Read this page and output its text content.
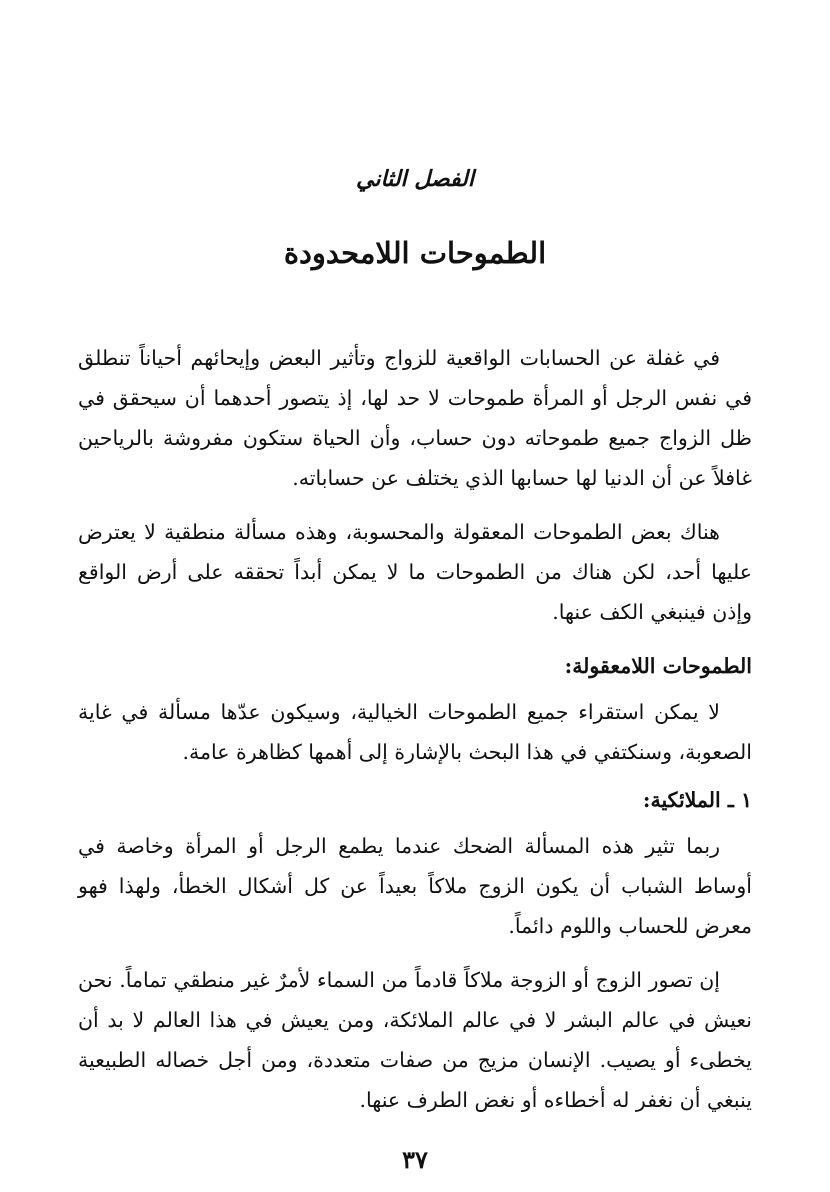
الفصل الثاني
الطموحات اللامحدودة

في غفلة عن الحسابات الواقعية للزواج وتأثير البعض وإيحائهم أحياناً تنطلق في نفس الرجل أو المرأة طموحات لا حد لها، إذ يتصور أحدهما أن سيحقق في ظل الزواج جميع طموحاته دون حساب، وأن الحياة ستكون مفروشة بالرياحين غافلاً عن أن الدنيا لها حسابها الذي يختلف عن حساباته.

هناك بعض الطموحات المعقولة والمحسوبة، وهذه مسألة منطقية لا يعترض عليها أحد، لكن هناك من الطموحات ما لا يمكن أبداً تحققه على أرض الواقع وإذن فينبغي الكف عنها.

الطموحات اللامعقولة:

لا يمكن استقراء جميع الطموحات الخيالية، وسيكون عدّها مسألة في غاية الصعوبة، وسنكتفي في هذا البحث بالإشارة إلى أهمها كظاهرة عامة.

١ ـ الملائكية:

ربما تثير هذه المسألة الضحك عندما يطمع الرجل أو المرأة وخاصة في أوساط الشباب أن يكون الزوج ملاكاً بعيداً عن كل أشكال الخطأ، ولهذا فهو معرض للحساب واللوم دائماً.

إن تصور الزوج أو الزوجة ملاكاً قادماً من السماء لأمرٌ غير منطقي تماماً. نحن نعيش في عالم البشر لا في عالم الملائكة، ومن يعيش في هذا العالم لا بد أن يخطىء أو يصيب. الإنسان مزيج من صفات متعددة، ومن أجل خصاله الطبيعية ينبغي أن نغفر له أخطاءه أو نغض الطرف عنها.

٣٧
